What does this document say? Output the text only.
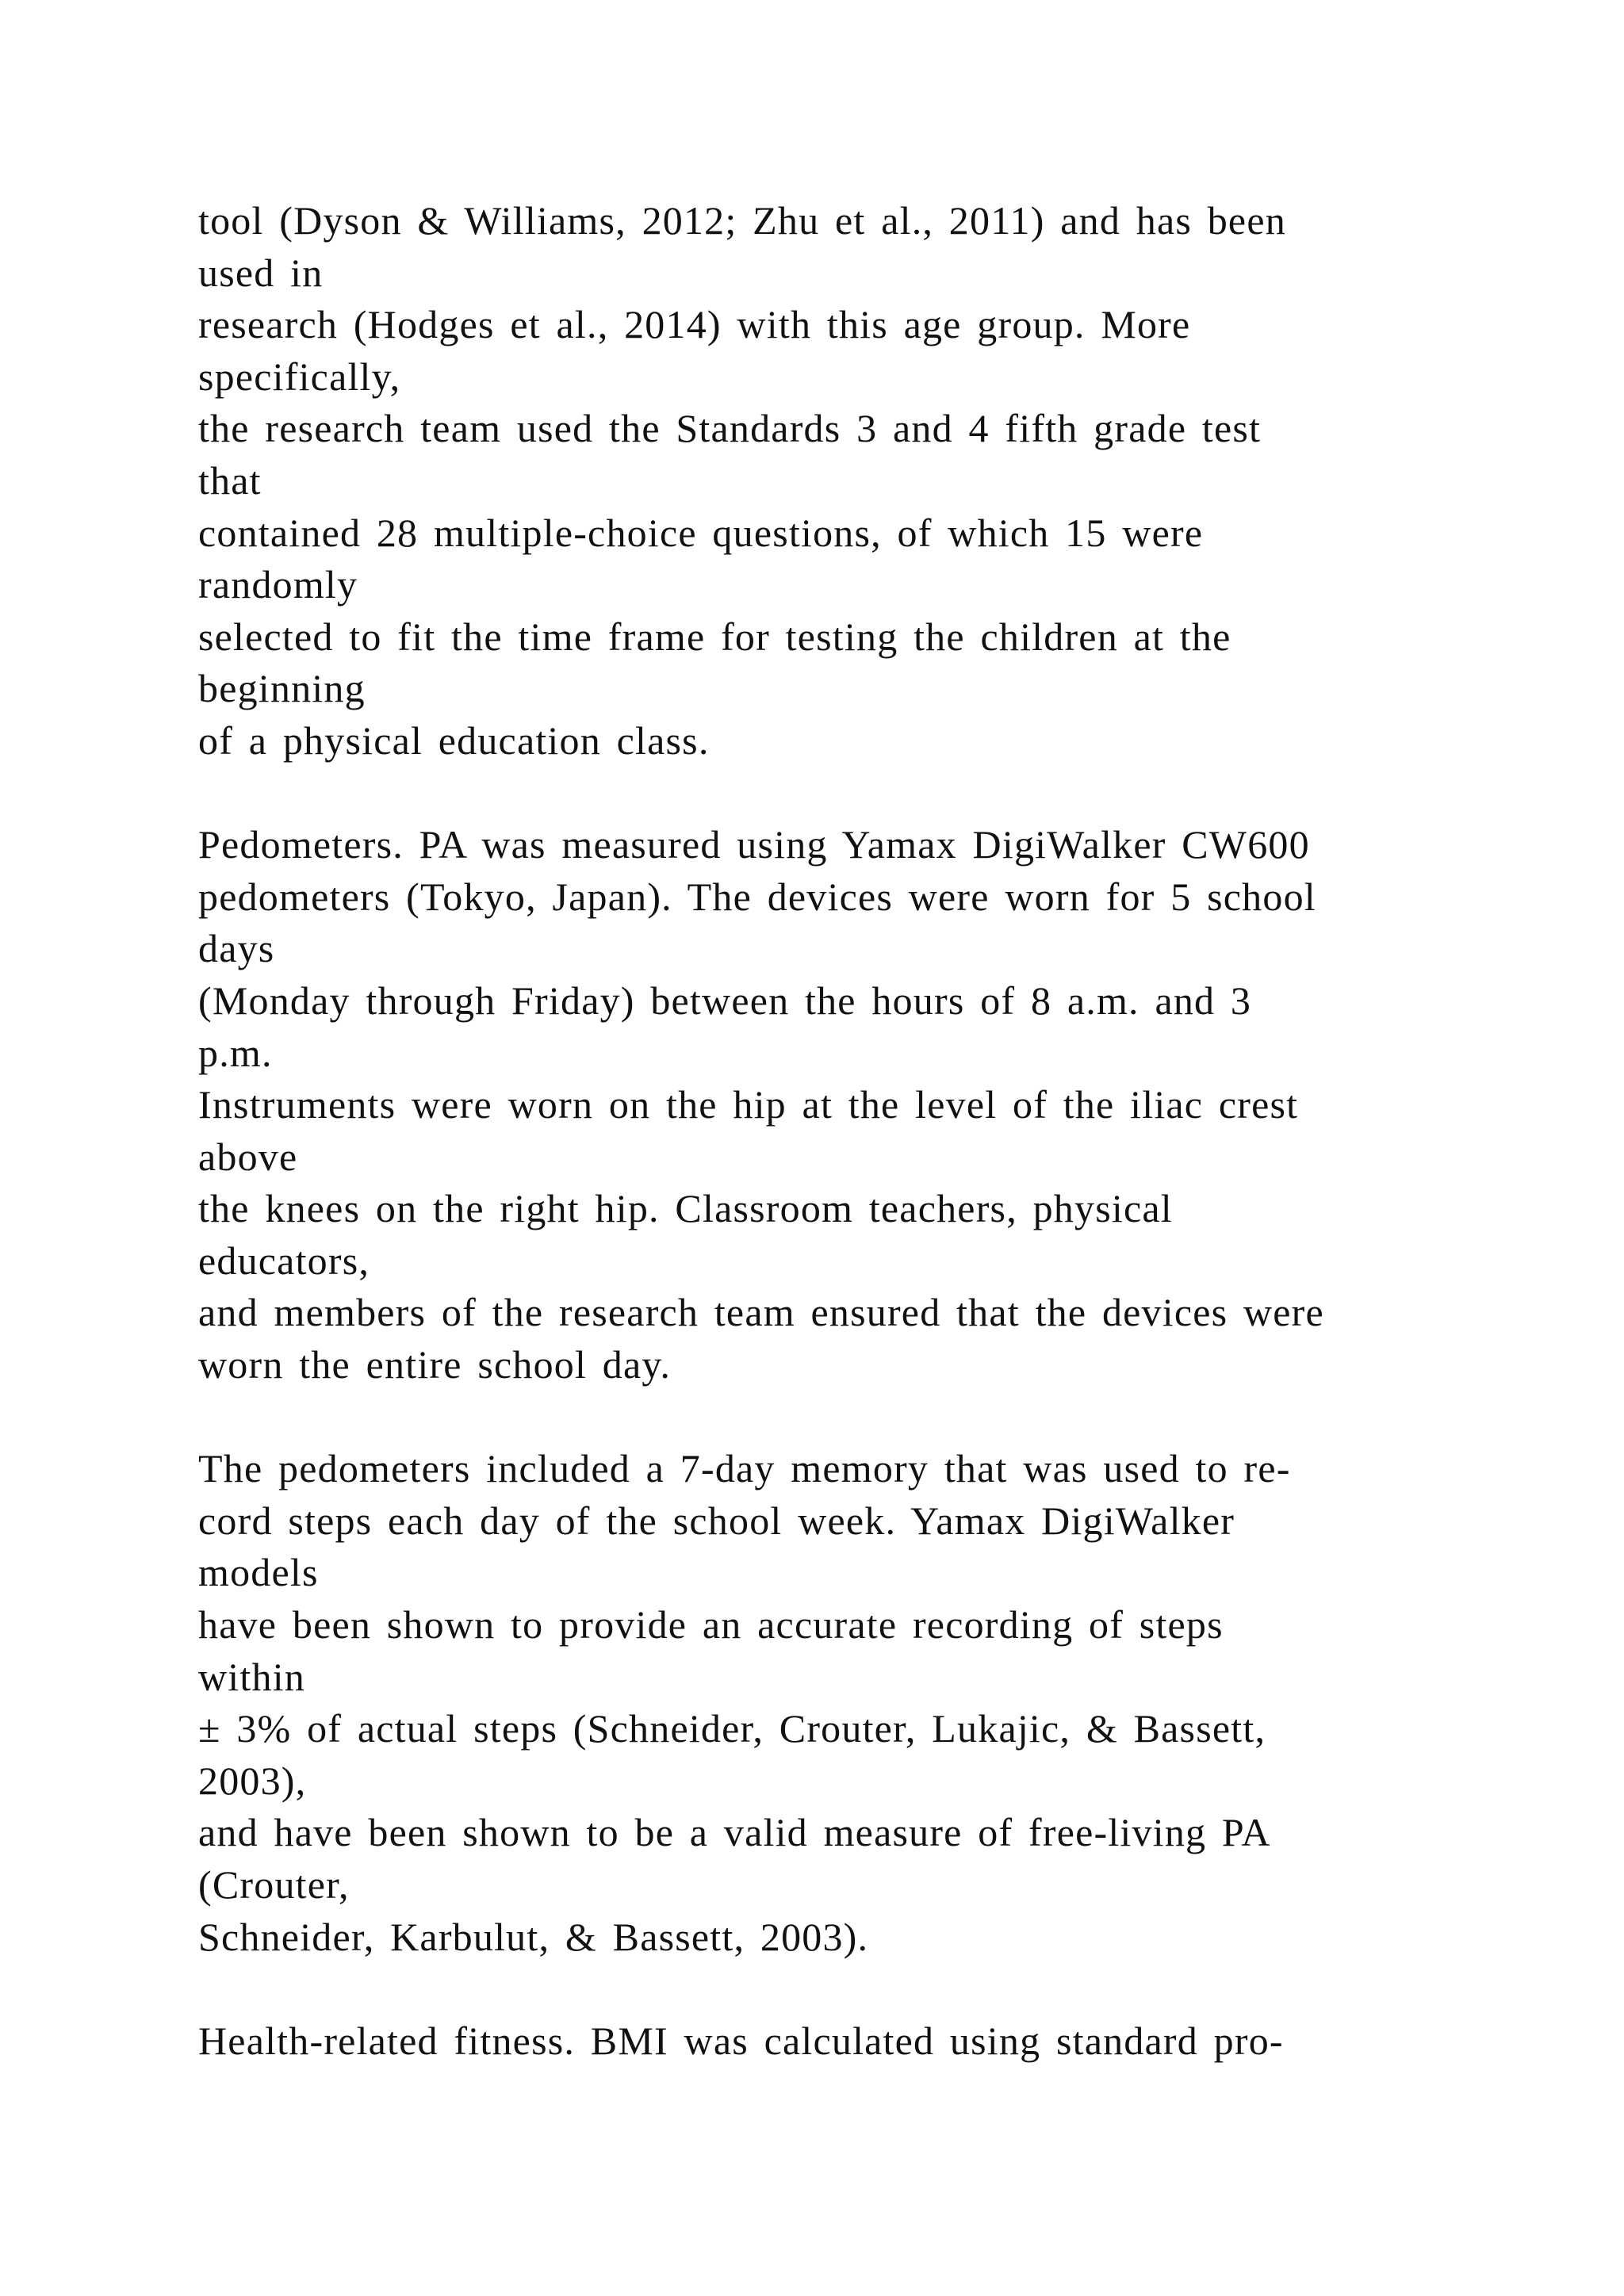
tool (Dyson & Williams, 2012; Zhu et al., 2011) and has been
used in
research (Hodges et al., 2014) with this age group. More
specifically,
the research team used the Standards 3 and 4 fifth grade test
that
contained 28 multiple-choice questions, of which 15 were
randomly
selected to fit the time frame for testing the children at the
beginning
of a physical education class.
Pedometers. PA was measured using Yamax DigiWalker CW600
pedometers (Tokyo, Japan). The devices were worn for 5 school
days
(Monday through Friday) between the hours of 8 a.m. and 3
p.m.
Instruments were worn on the hip at the level of the iliac crest
above
the knees on the right hip. Classroom teachers, physical
educators,
and members of the research team ensured that the devices were
worn the entire school day.
The pedometers included a 7-day memory that was used to re-
cord steps each day of the school week. Yamax DigiWalker
models
have been shown to provide an accurate recording of steps
within
± 3% of actual steps (Schneider, Crouter, Lukajic, & Bassett,
2003),
and have been shown to be a valid measure of free-living PA
(Crouter,
Schneider, Karbulut, & Bassett, 2003).
Health-related fitness. BMI was calculated using standard pro-
